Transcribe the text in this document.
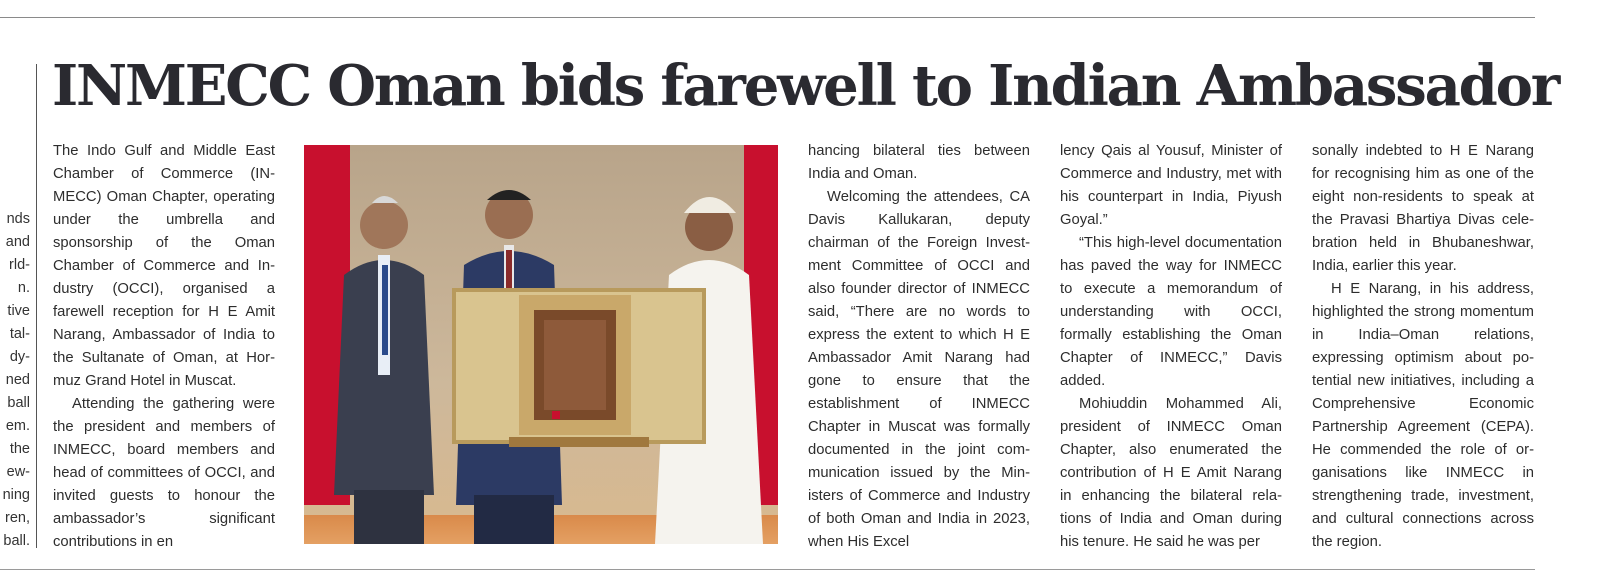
nds
and
rld-
n.
tive
tal-
dy-
ned
ball
em.
the
ew-
ning
ren,
ball.
INMECC Oman bids farewell to Indian Ambassador

The Indo Gulf and Middle East Chamber of Commerce (INMECC) Oman Chapter, operating under the umbrella and sponsorship of the Oman Chamber of Commerce and Industry (OCCI), organised a farewell reception for H E Amit Narang, Ambassador of India to the Sultanate of Oman, at Hormuz Grand Hotel in Muscat.

Attending the gathering were the president and members of INMECC, board members and head of committees of OCCI, and invited guests to honour the ambassador’s significant contributions in en

hancing bilateral ties between India and Oman.

Welcoming the attendees, CA Davis Kallukaran, deputy chairman of the Foreign Investment Committee of OCCI and also founder director of INMECC said, “There are no words to express the extent to which H E Ambassador Amit Narang had gone to ensure that the establishment of INMECC Chapter in Muscat was formally documented in the joint communication issued by the Ministers of Commerce and Industry of both Oman and India in 2023, when His Excel

lency Qais al Yousuf, Minister of Commerce and Industry, met with his counterpart in India, Piyush Goyal.”

“This high-level documentation has paved the way for INMECC to execute a memorandum of understanding with OCCI, formally establishing the Oman Chapter of INMECC,” Davis added.

Mohiuddin Mohammed Ali, president of INMECC Oman Chapter, also enumerated the contribution of H E Amit Narang in enhancing the bilateral relations of India and Oman during his tenure. He said he was per

sonally indebted to H E Narang for recognising him as one of the eight non-residents to speak at the Pravasi Bhartiya Divas celebration held in Bhubaneshwar, India, earlier this year.

H E Narang, in his address, highlighted the strong momentum in India–Oman relations, expressing optimism about potential new initiatives, including a Comprehensive Economic Partnership Agreement (CEPA). He commended the role of organisations like INMECC in strengthening trade, investment, and cultural connections across the region.
